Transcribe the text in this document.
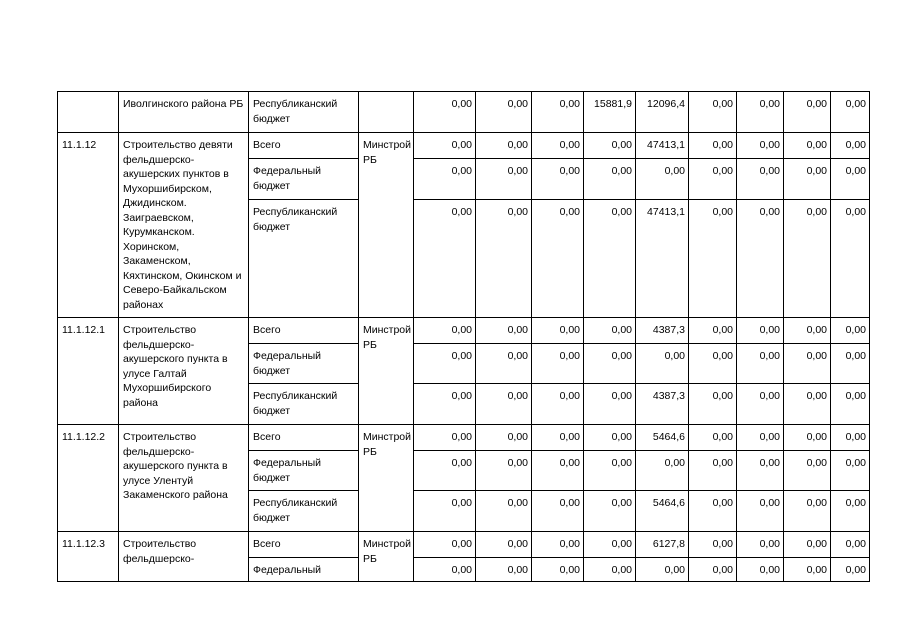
	Иволгинского района РБ	Республиканский бюджет		0,00	0,00	0,00	15881,9	12096,4	0,00	0,00	0,00	0,00
11.1.12	Строительство девяти фельдшерско-акушерских пунктов в Мухоршибирском, Джидинском. Заиграевском, Курумканском. Хоринском, Закаменском, Кяхтинском, Окинском и Северо-Байкальском районах	Всего	Минстрой РБ	0,00	0,00	0,00	0,00	47413,1	0,00	0,00	0,00	0,00
		Федеральный бюджет		0,00	0,00	0,00	0,00	0,00	0,00	0,00	0,00	0,00
		Республиканский бюджет		0,00	0,00	0,00	0,00	47413,1	0,00	0,00	0,00	0,00
11.1.12.1	Строительство фельдшерско-акушерского пункта в улусе Галтай Мухоршибирского района	Всего	Минстрой РБ	0,00	0,00	0,00	0,00	4387,3	0,00	0,00	0,00	0,00
		Федеральный бюджет		0,00	0,00	0,00	0,00	0,00	0,00	0,00	0,00	0,00
		Республиканский бюджет		0,00	0,00	0,00	0,00	4387,3	0,00	0,00	0,00	0,00
11.1.12.2	Строительство фельдшерско-акушерского пункта в улусе Улентуй Закаменского района	Всего	Минстрой РБ	0,00	0,00	0,00	0,00	5464,6	0,00	0,00	0,00	0,00
		Федеральный бюджет		0,00	0,00	0,00	0,00	0,00	0,00	0,00	0,00	0,00
		Республиканский бюджет		0,00	0,00	0,00	0,00	5464,6	0,00	0,00	0,00	0,00
11.1.12.3	Строительство фельдшерско-	Всего	Минстрой РБ	0,00	0,00	0,00	0,00	6127,8	0,00	0,00	0,00	0,00
		Федеральный		0,00	0,00	0,00	0,00	0,00	0,00	0,00	0,00	0,00
